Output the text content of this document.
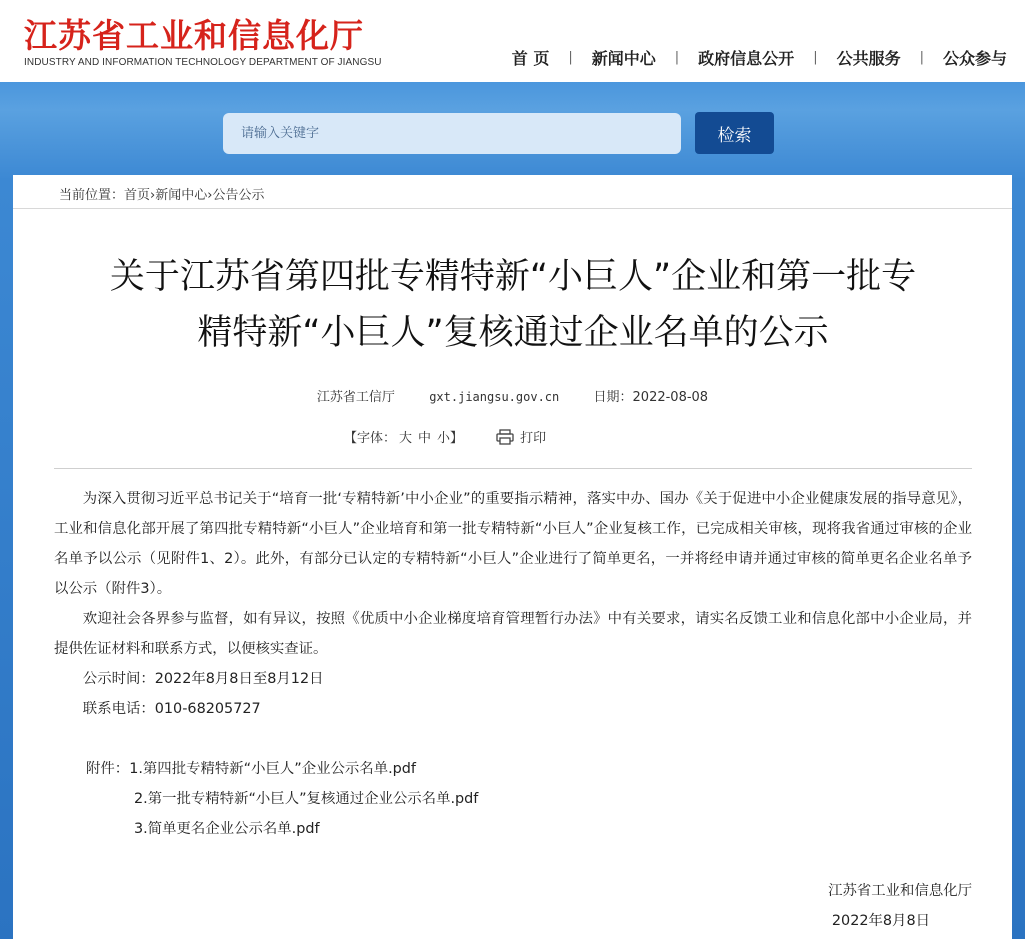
江苏省工业和信息化厅
INDUSTRY AND INFORMATION TECHNOLOGY DEPARTMENT OF JIANGSU	首 页	|	新闻中心	|	政府信息公开	|	公共服务	|	公众参与
请输入关键字
检索
当前位置：首页›新闻中心›公告公示
关于江苏省第四批专精特新“小巨人”企业和第一批专
精特新“小巨人”复核通过企业名单的公示
江苏省工信厅	gxt.jiangsu.gov.cn	日期：2022-08-08
【字体： 大 中 小】	打印

为深入贯彻习近平总书记关于“培育一批‘专精特新’中小企业”的重要指示精神，落实中办、国办《关于促进中小企业健康发展的指导意见》，工业和信息化部开展了第四批专精特新“小巨人”企业培育和第一批专精特新“小巨人”企业复核工作，已完成相关审核，现将我省通过审核的企业名单予以公示（见附件1、2）。此外，有部分已认定的专精特新“小巨人”企业进行了简单更名，一并将经申请并通过审核的简单更名企业名单予以公示（附件3）。

欢迎社会各界参与监督，如有异议，按照《优质中小企业梯度培育管理暂行办法》中有关要求，请实名反馈工业和信息化部中小企业局，并提供佐证材料和联系方式，以便核实查证。

公示时间：2022年8月8日至8月12日

联系电话：010-68205727

附件：1.第四批专精特新“小巨人”企业公示名单.pdf
2.第一批专精特新“小巨人”复核通过企业公示名单.pdf
3.简单更名企业公示名单.pdf
江苏省工业和信息化厅
2022年8月8日
